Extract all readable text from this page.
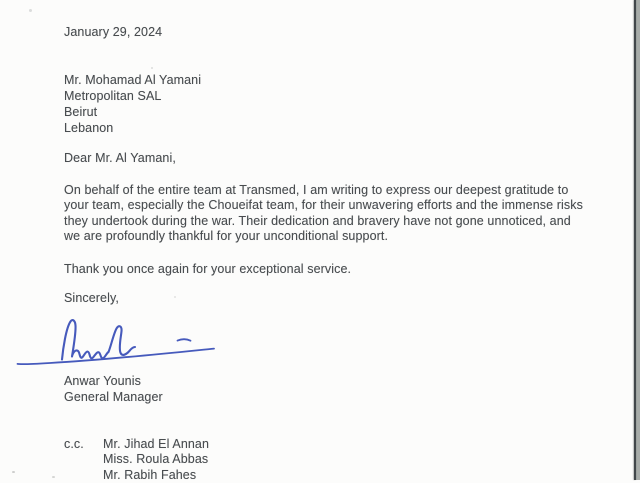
January 29, 2024
Mr. Mohamad Al Yamani
Metropolitan SAL
Beirut
Lebanon
Dear Mr. Al Yamani,
On behalf of the entire team at Transmed, I am writing to express our deepest gratitude to
your team, especially the Choueifat team, for their unwavering efforts and the immense risks
they undertook during the war. Their dedication and bravery have not gone unnoticed, and
we are profoundly thankful for your unconditional support.
Thank you once again for your exceptional service.
Sincerely,
Anwar Younis
General Manager
c.c.	Mr. Jihad El Annan
Miss. Roula Abbas
Mr. Rabih Fahes
